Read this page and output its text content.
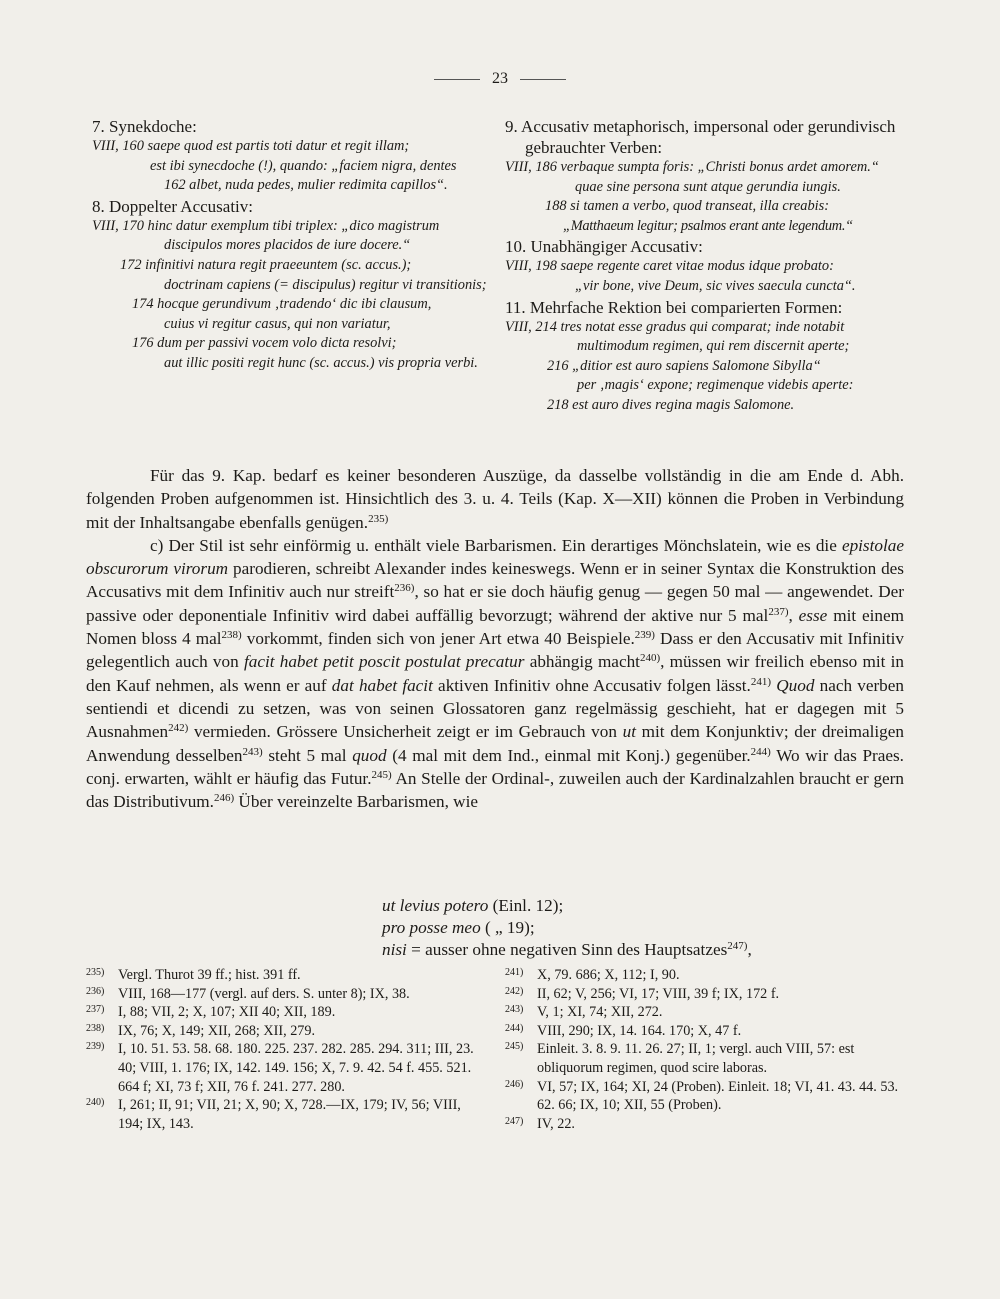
23

7. Synekdoche:

VIII, 160 saepe quod est partis toti datur et regit illam;

est ibi synecdoche (!), quando: „faciem nigra, dentes

162 albet, nuda pedes, mulier redimita capillos“.

8. Doppelter Accusativ:

VIII, 170 hinc datur exemplum tibi triplex: „dico magistrum

discipulos mores placidos de iure docere.“

172 infinitivi natura regit praeeuntem (sc. accus.);

doctrinam capiens (= discipulus) regitur vi transitionis;

174 hocque gerundivum ‚tradendo‘ dic ibi clausum,

cuius vi regitur casus, qui non variatur,

176 dum per passivi vocem volo dicta resolvi;

aut illic positi regit hunc (sc. accus.) vis propria verbi.

9. Accusativ metaphorisch, impersonal oder gerundivisch gebrauchter Verben:

VIII, 186 verbaque sumpta foris: „Christi bonus ardet amorem.“

quae sine persona sunt atque gerundia iungis.

188 si tamen a verbo, quod transeat, illa creabis:

„Matthaeum legitur; psalmos erant ante legendum.“

10. Unabhängiger Accusativ:

VIII, 198 saepe regente caret vitae modus idque probato:

„vir bone, vive Deum, sic vives saecula cuncta“.

11. Mehrfache Rektion bei comparierten Formen:

VIII, 214 tres notat esse gradus qui comparat; inde notabit

multimodum regimen, qui rem discernit aperte;

216 „ditior est auro sapiens Salomone Sibylla“

per ‚magis‘ expone; regimenque videbis aperte:

218 est auro dives regina magis Salomone.

Für das 9. Kap. bedarf es keiner besonderen Auszüge, da dasselbe vollständig in die am Ende d. Abh. folgenden Proben aufgenommen ist. Hinsichtlich des 3. u. 4. Teils (Kap. X—XII) können die Proben in Verbindung mit der Inhaltsangabe ebenfalls genügen.$^{235)}$

c) Der Stil ist sehr einförmig u. enthält viele Barbarismen. Ein derartiges Mönchslatein, wie es die epistolae obscurorum virorum parodieren, schreibt Alexander indes keineswegs. Wenn er in seiner Syntax die Konstruktion des Accusativs mit dem Infinitiv auch nur streift$^{236)}$, so hat er sie doch häufig genug — gegen 50 mal — angewendet. Der passive oder deponentiale Infinitiv wird dabei auffällig bevorzugt; während der aktive nur 5 mal$^{237)}$, esse mit einem Nomen bloss 4 mal$^{238)}$ vorkommt, finden sich von jener Art etwa 40 Beispiele.$^{239)}$ Dass er den Accusativ mit Infinitiv gelegentlich auch von facit habet petit poscit postulat precatur abhängig macht$^{240)}$, müssen wir freilich ebenso mit in den Kauf nehmen, als wenn er auf dat habet facit aktiven Infinitiv ohne Accusativ folgen lässt.$^{241)}$ Quod nach verben sentiendi et dicendi zu setzen, was von seinen Glossatoren ganz regelmässig geschieht, hat er dagegen mit 5 Ausnahmen$^{242)}$ vermieden. Grössere Unsicherheit zeigt er im Gebrauch von ut mit dem Konjunktiv; der dreimaligen Anwendung desselben$^{243)}$ steht 5 mal quod (4 mal mit dem Ind., einmal mit Konj.) gegenüber.$^{244)}$ Wo wir das Praes. conj. erwarten, wählt er häufig das Futur.$^{245)}$ An Stelle der Ordinal-, zuweilen auch der Kardinalzahlen braucht er gern das Distributivum.$^{246)}$ Über vereinzelte Barbarismen, wie

ut levius potero (Einl. 12);
pro posse meo ( „ 19);
nisi = ausser ohne negativen Sinn des Hauptsatzes$^{247)}$,

$^{235)}$ Vergl. Thurot 39 ff.; hist. 391 ff.

$^{236)}$ VIII, 168—177 (vergl. auf ders. S. unter 8); IX, 38.

$^{237)}$ I, 88; VII, 2; X, 107; XII 40; XII, 189.

$^{238)}$ IX, 76; X, 149; XII, 268; XII, 279.

$^{239)}$ I, 10. 51. 53. 58. 68. 180. 225. 237. 282. 285. 294. 311; III, 23. 40; VIII, 1. 176; IX, 142. 149. 156; X, 7. 9. 42. 54 f. 455. 521. 664 f; XI, 73 f; XII, 76 f. 241. 277. 280.

$^{240)}$ I, 261; II, 91; VII, 21; X, 90; X, 728.—IX, 179; IV, 56; VIII, 194; IX, 143.

$^{241)}$ X, 79. 686; X, 112; I, 90.

$^{242)}$ II, 62; V, 256; VI, 17; VIII, 39 f; IX, 172 f.

$^{243)}$ V, 1; XI, 74; XII, 272.

$^{244)}$ VIII, 290; IX, 14. 164. 170; X, 47 f.

$^{245)}$ Einleit. 3. 8. 9. 11. 26. 27; II, 1; vergl. auch VIII, 57: est obliquorum regimen, quod scire laboras.

$^{246)}$ VI, 57; IX, 164; XI, 24 (Proben). Einleit. 18; VI, 41. 43. 44. 53. 62. 66; IX, 10; XII, 55 (Proben).

$^{247)}$ IV, 22.
